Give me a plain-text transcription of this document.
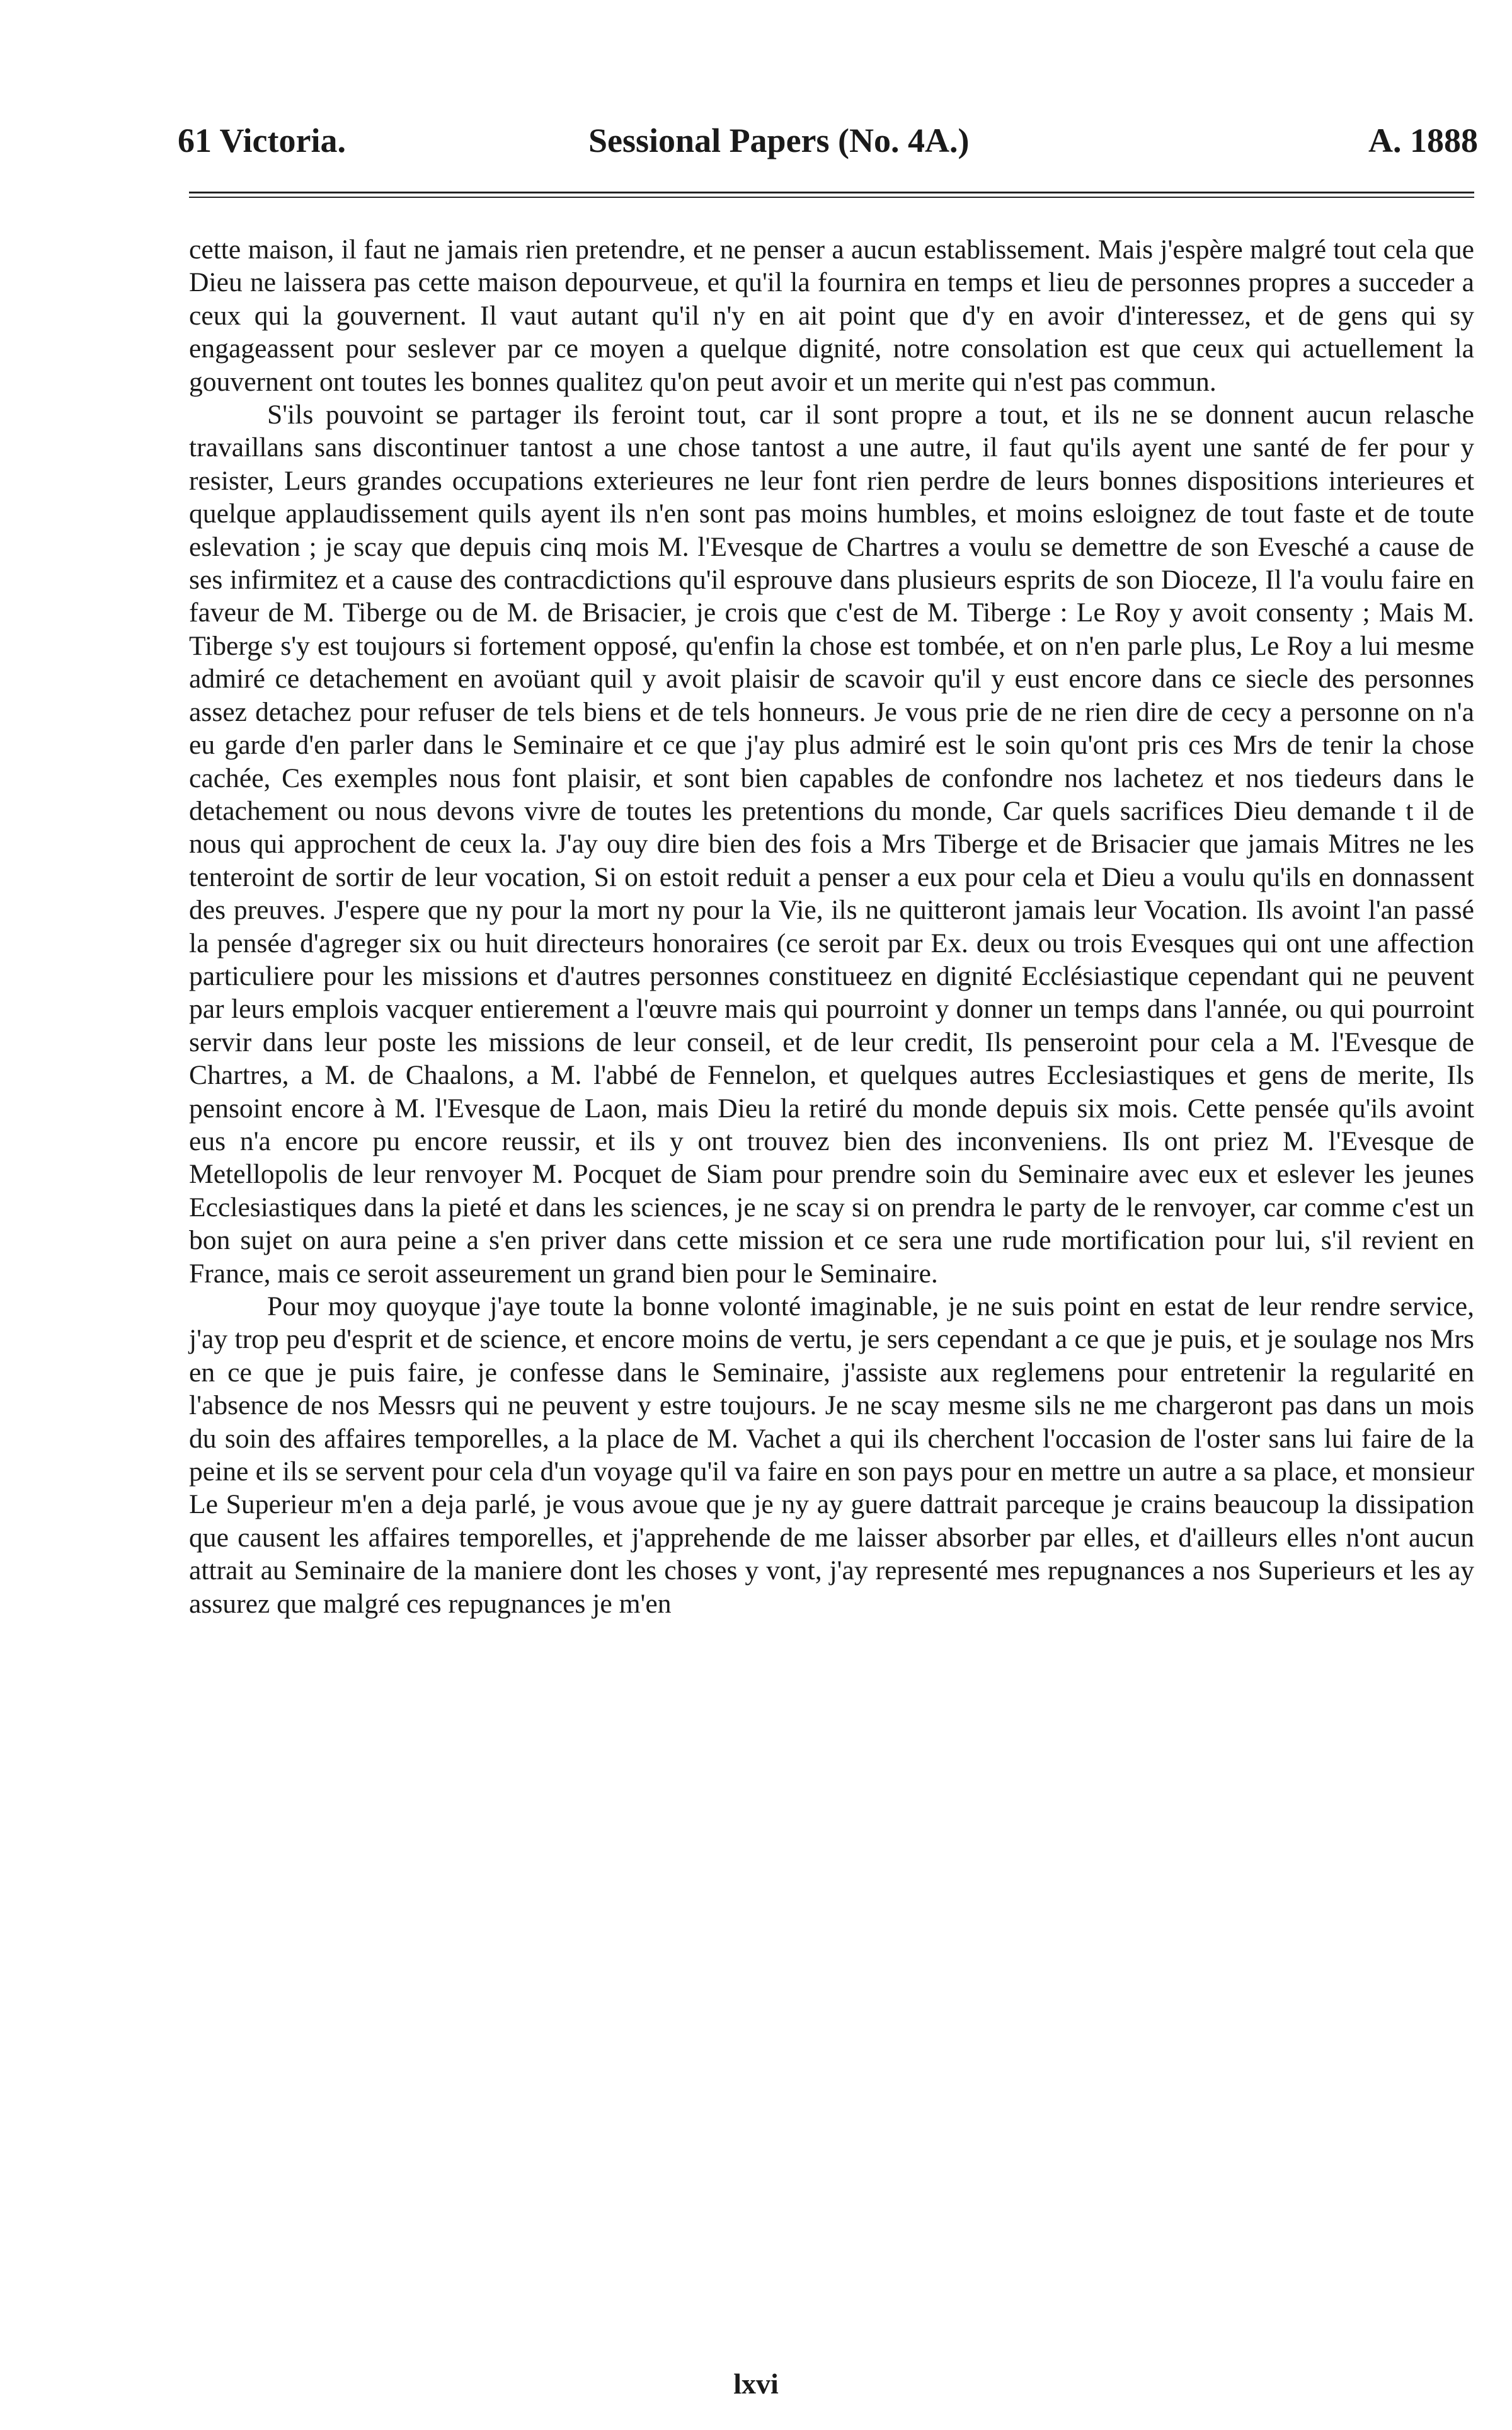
61 Victoria.	Sessional Papers (No. 4A.)	A. 1888

cette maison, il faut ne jamais rien pretendre, et ne penser a aucun establissement. Mais j'espère malgré tout cela que Dieu ne laissera pas cette maison depourveue, et qu'il la fournira en temps et lieu de personnes propres a succeder a ceux qui la gouvernent. Il vaut autant qu'il n'y en ait point que d'y en avoir d'interessez, et de gens qui sy engageassent pour seslever par ce moyen a quelque dignité, notre consolation est que ceux qui actuellement la gouvernent ont toutes les bonnes qualitez qu'on peut avoir et un merite qui n'est pas commun.

S'ils pouvoint se partager ils feroint tout, car il sont propre a tout, et ils ne se donnent aucun relasche travaillans sans discontinuer tantost a une chose tantost a une autre, il faut qu'ils ayent une santé de fer pour y resister, Leurs grandes occupations exterieures ne leur font rien perdre de leurs bonnes dispositions interieures et quelque applaudissement quils ayent ils n'en sont pas moins humbles, et moins esloignez de tout faste et de toute eslevation ; je scay que depuis cinq mois M. l'Evesque de Chartres a voulu se demettre de son Evesché a cause de ses infirmitez et a cause des contracdictions qu'il esprouve dans plusieurs esprits de son Dioceze, Il l'a voulu faire en faveur de M. Tiberge ou de M. de Brisacier, je crois que c'est de M. Tiberge : Le Roy y avoit consenty ; Mais M. Tiberge s'y est toujours si fortement opposé, qu'enfin la chose est tombée, et on n'en parle plus, Le Roy a lui mesme admiré ce detachement en avoüant quil y avoit plaisir de scavoir qu'il y eust encore dans ce siecle des personnes assez detachez pour refuser de tels biens et de tels honneurs. Je vous prie de ne rien dire de cecy a personne on n'a eu garde d'en parler dans le Seminaire et ce que j'ay plus admiré est le soin qu'ont pris ces Mrs de tenir la chose cachée, Ces exemples nous font plaisir, et sont bien capables de confondre nos lachetez et nos tiedeurs dans le detachement ou nous devons vivre de toutes les pretentions du monde, Car quels sacrifices Dieu demande t il de nous qui approchent de ceux la. J'ay ouy dire bien des fois a Mrs Tiberge et de Brisacier que jamais Mitres ne les tenteroint de sortir de leur vocation, Si on estoit reduit a penser a eux pour cela et Dieu a voulu qu'ils en donnassent des preuves. J'espere que ny pour la mort ny pour la Vie, ils ne quitteront jamais leur Vocation. Ils avoint l'an passé la pensée d'agreger six ou huit directeurs honoraires (ce seroit par Ex. deux ou trois Evesques qui ont une affection particuliere pour les missions et d'autres personnes constitueez en dignité Ecclésiastique cependant qui ne peuvent par leurs emplois vacquer entierement a l'œuvre mais qui pourroint y donner un temps dans l'année, ou qui pourroint servir dans leur poste les missions de leur conseil, et de leur credit, Ils penseroint pour cela a M. l'Evesque de Chartres, a M. de Chaalons, a M. l'abbé de Fennelon, et quelques autres Ecclesiastiques et gens de merite, Ils pensoint encore à M. l'Evesque de Laon, mais Dieu la retiré du monde depuis six mois. Cette pensée qu'ils avoint eus n'a encore pu encore reussir, et ils y ont trouvez bien des inconveniens. Ils ont priez M. l'Evesque de Metellopolis de leur renvoyer M. Pocquet de Siam pour prendre soin du Seminaire avec eux et eslever les jeunes Ecclesiastiques dans la pieté et dans les sciences, je ne scay si on prendra le party de le renvoyer, car comme c'est un bon sujet on aura peine a s'en priver dans cette mission et ce sera une rude mortification pour lui, s'il revient en France, mais ce seroit asseurement un grand bien pour le Seminaire.

Pour moy quoyque j'aye toute la bonne volonté imaginable, je ne suis point en estat de leur rendre service, j'ay trop peu d'esprit et de science, et encore moins de vertu, je sers cependant a ce que je puis, et je soulage nos Mrs en ce que je puis faire, je confesse dans le Seminaire, j'assiste aux reglemens pour entretenir la regularité en l'absence de nos Messrs qui ne peuvent y estre toujours. Je ne scay mesme sils ne me chargeront pas dans un mois du soin des affaires temporelles, a la place de M. Vachet a qui ils cherchent l'occasion de l'oster sans lui faire de la peine et ils se servent pour cela d'un voyage qu'il va faire en son pays pour en mettre un autre a sa place, et monsieur Le Superieur m'en a deja parlé, je vous avoue que je ny ay guere dattrait parceque je crains beaucoup la dissipation que causent les affaires temporelles, et j'apprehende de me laisser absorber par elles, et d'ailleurs elles n'ont aucun attrait au Seminaire de la maniere dont les choses y vont, j'ay representé mes repugnances a nos Superieurs et les ay assurez que malgré ces repugnances je m'en

lxvi
